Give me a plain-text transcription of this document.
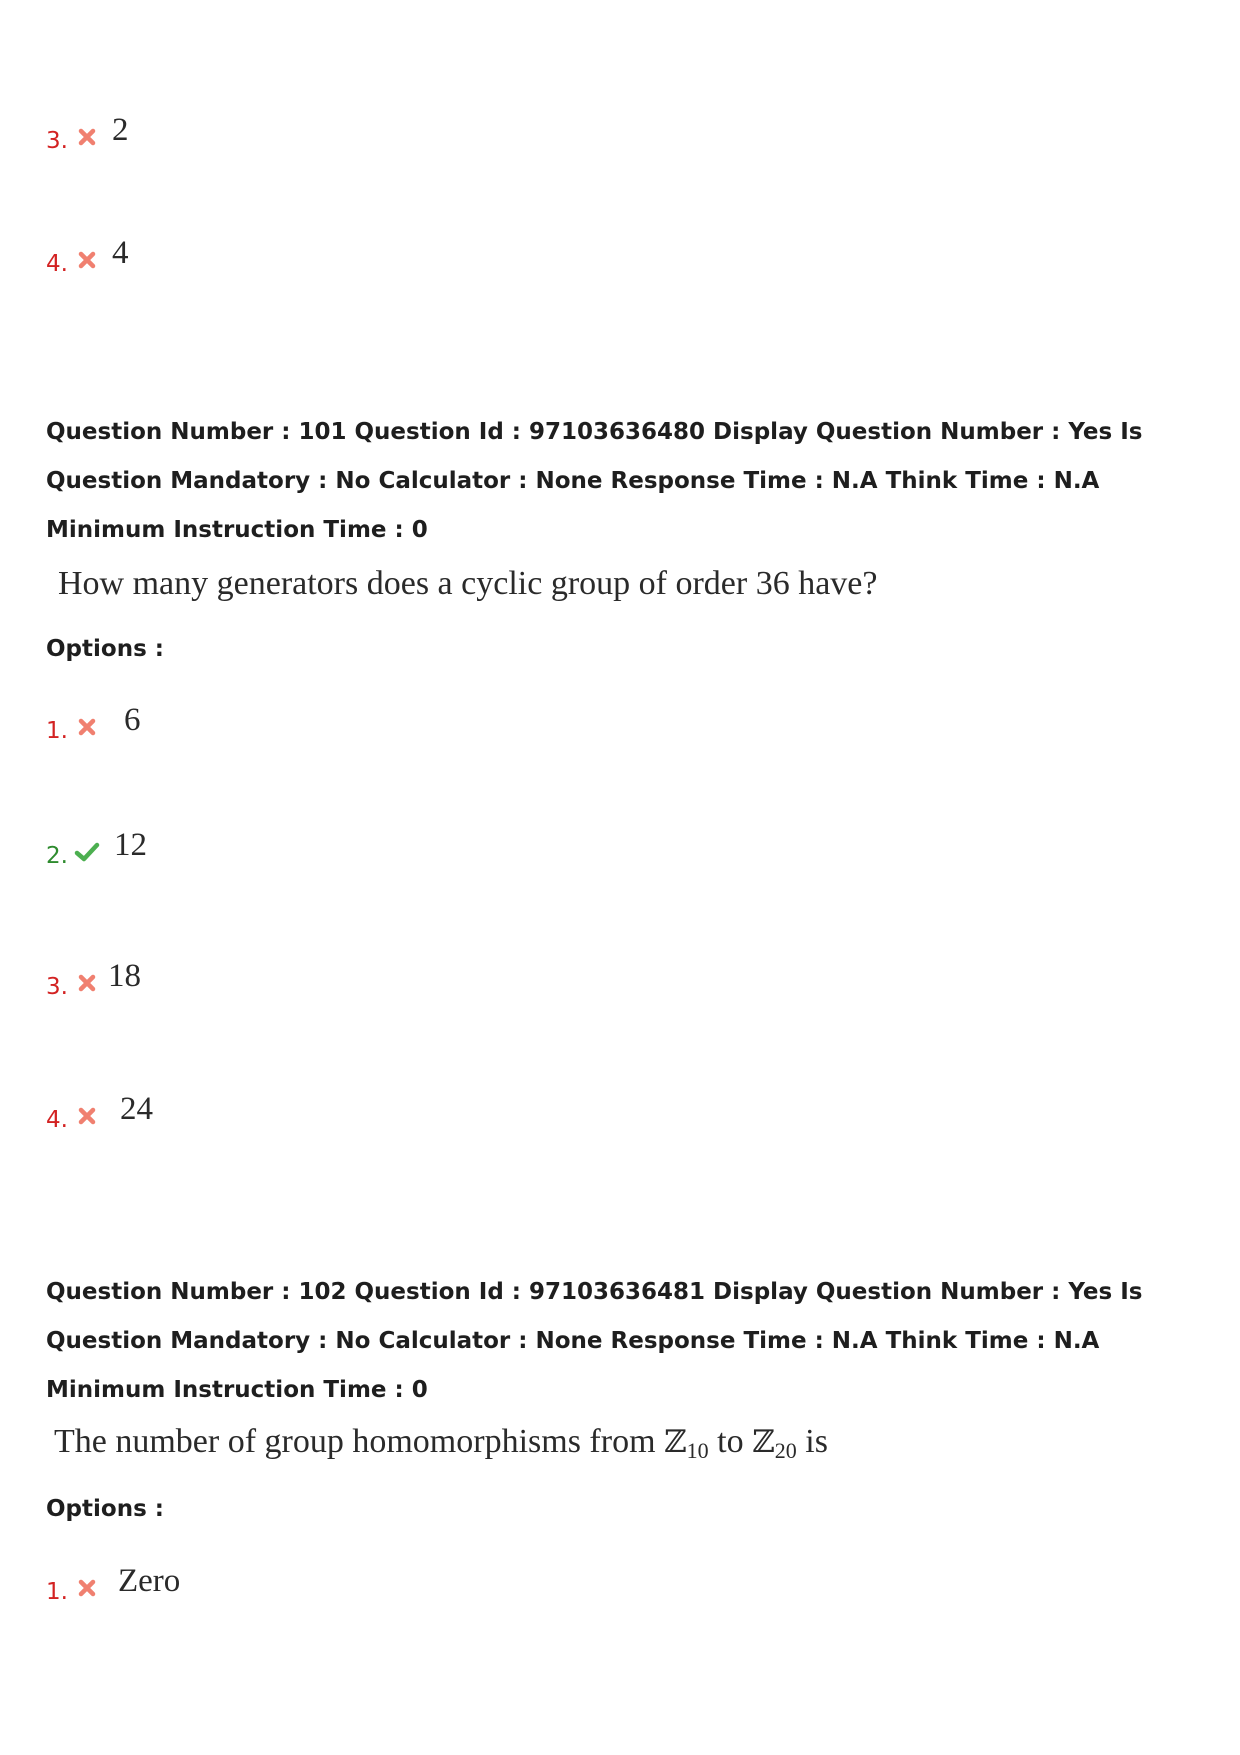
3. 2
4. 4
Question Number : 101 Question Id : 97103636480 Display Question Number : Yes Is Question Mandatory : No Calculator : None Response Time : N.A Think Time : N.A Minimum Instruction Time : 0
How many generators does a cyclic group of order 36 have?
Options :
1. 6
2. 12
3. 18
4. 24
Question Number : 102 Question Id : 97103636481 Display Question Number : Yes Is Question Mandatory : No Calculator : None Response Time : N.A Think Time : N.A Minimum Instruction Time : 0
The number of group homomorphisms from ℤ$_{10}$ to ℤ$_{20}$ is
Options :
1. Zero
